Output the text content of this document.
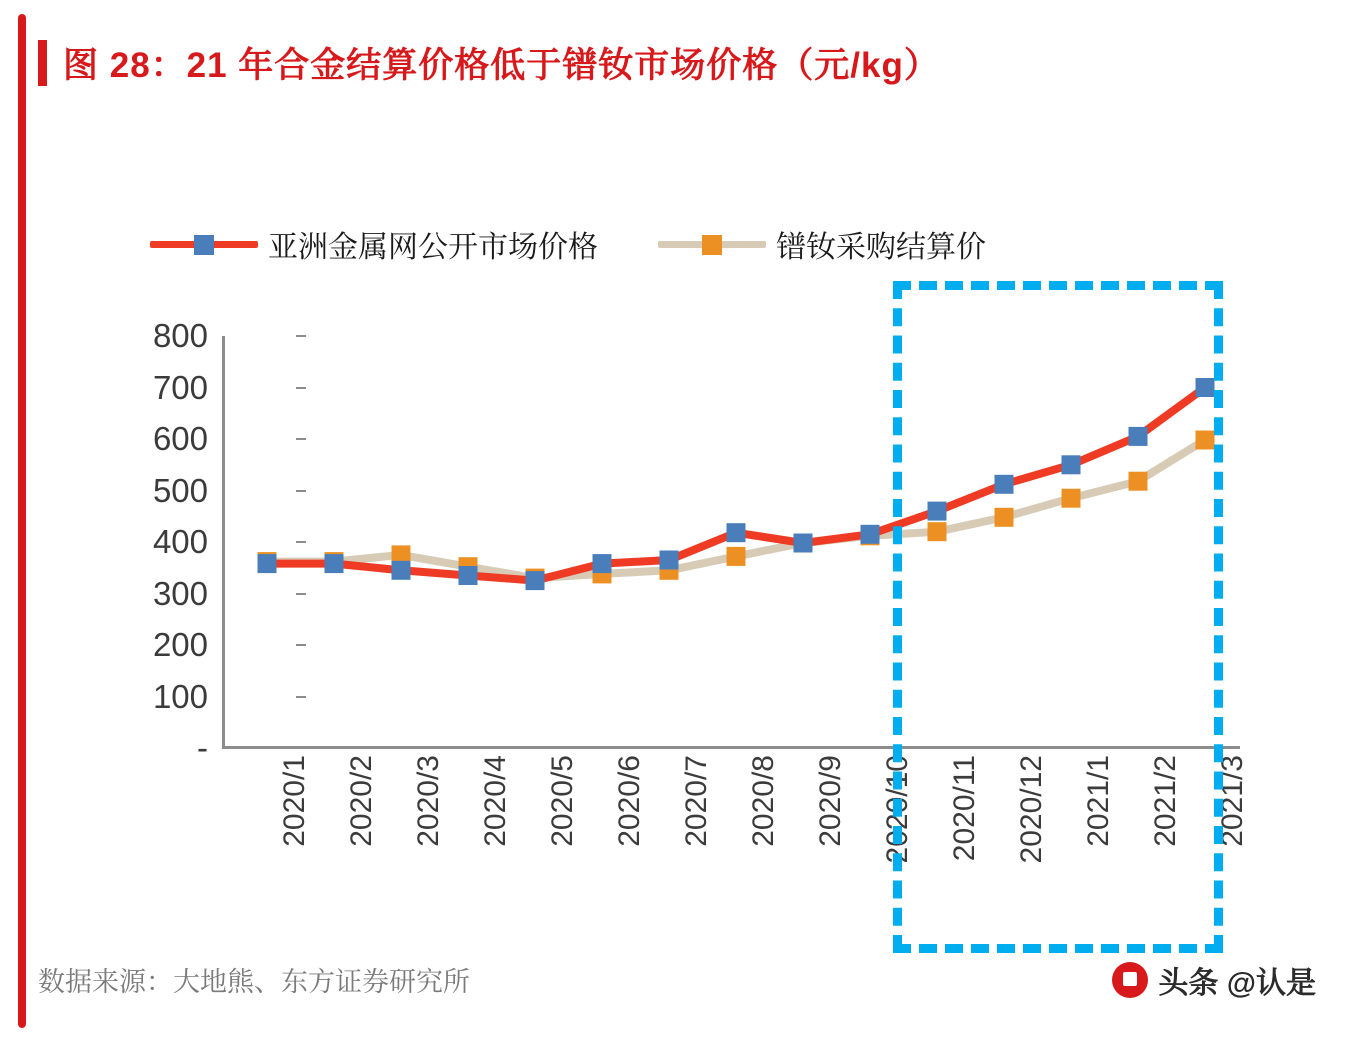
图 28：21 年合金结算价格低于镨钕市场价格（元/kg）
亚洲金属网公开市场价格	镨钕采购结算价
-
100
200
300
400
500
600
700
800
2020/1 2020/2 2020/3 2020/4 2020/5 2020/6 2020/7 2020/8 2020/9 2020/10 2020/11 2020/12 2021/1 2021/2 2021/3
数据来源：大地熊、东方证券研究所	头条 @认是
